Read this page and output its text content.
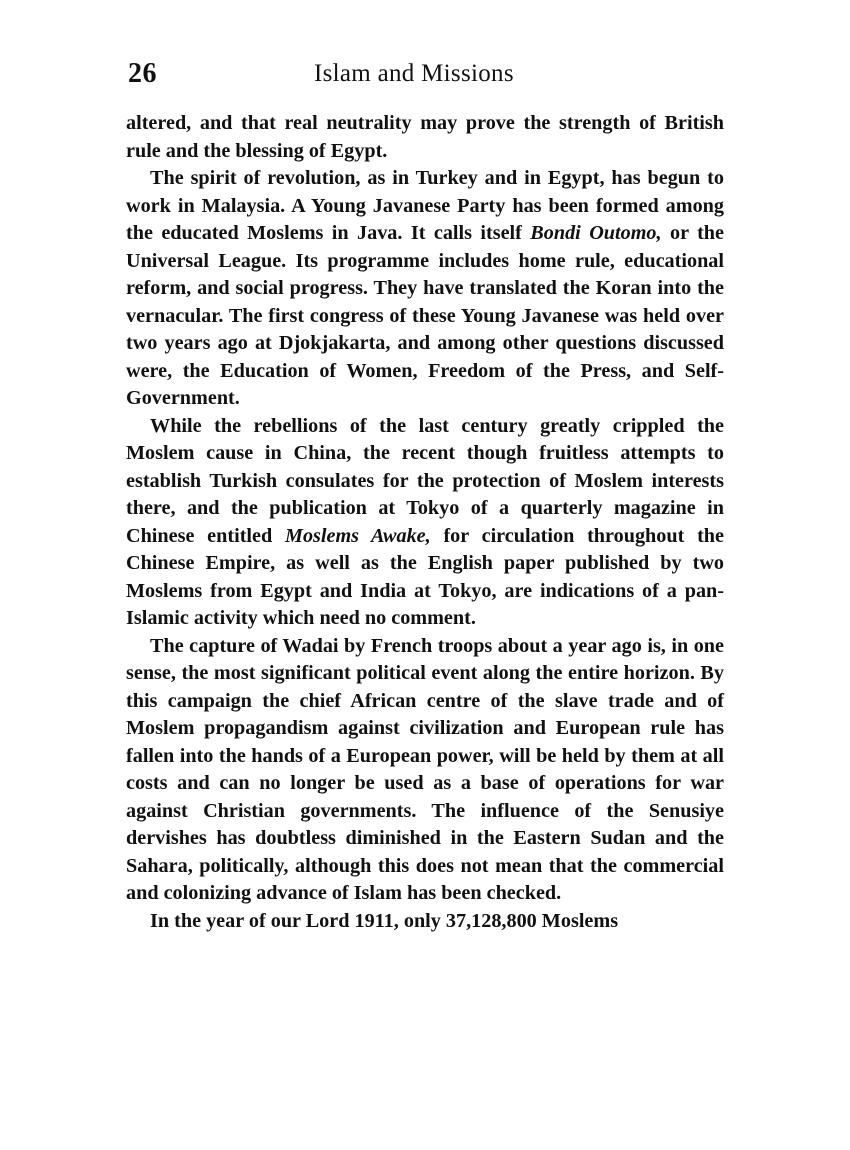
26	Islam and Missions

altered, and that real neutrality may prove the strength of British rule and the blessing of Egypt.

The spirit of revolution, as in Turkey and in Egypt, has begun to work in Malaysia. A Young Javanese Party has been formed among the educated Moslems in Java. It calls itself Bondi Outomo, or the Universal League. Its programme includes home rule, educational reform, and social progress. They have translated the Koran into the vernacular. The first congress of these Young Javanese was held over two years ago at Djokjakarta, and among other questions discussed were, the Education of Women, Freedom of the Press, and Self-Government.

While the rebellions of the last century greatly crippled the Moslem cause in China, the recent though fruitless attempts to establish Turkish consulates for the protection of Moslem interests there, and the publication at Tokyo of a quarterly magazine in Chinese entitled Moslems Awake, for circulation throughout the Chinese Empire, as well as the English paper published by two Moslems from Egypt and India at Tokyo, are indications of a pan-Islamic activity which need no comment.

The capture of Wadai by French troops about a year ago is, in one sense, the most significant political event along the entire horizon. By this campaign the chief African centre of the slave trade and of Moslem propagandism against civilization and European rule has fallen into the hands of a European power, will be held by them at all costs and can no longer be used as a base of operations for war against Christian governments. The influence of the Senusiye dervishes has doubtless diminished in the Eastern Sudan and the Sahara, politically, although this does not mean that the commercial and colonizing advance of Islam has been checked.

In the year of our Lord 1911, only 37,128,800 Moslems
